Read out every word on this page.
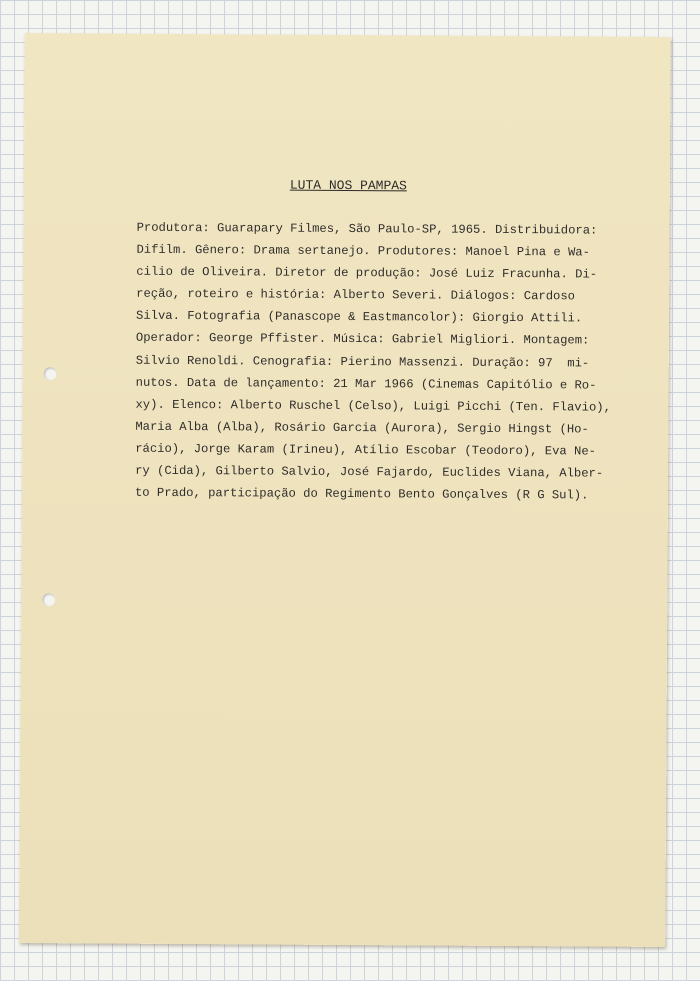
LUTA NOS PAMPAS
Produtora: Guarapary Filmes, São Paulo-SP, 1965. Distribuidora:
Difilm. Gênero: Drama sertanejo. Produtores: Manoel Pina e Wa-
cilio de Oliveira. Diretor de produção: José Luiz Fracunha. Di-
reção, roteiro e história: Alberto Severi. Diálogos: Cardoso
Silva. Fotografia (Panascope & Eastmancolor): Giorgio Attili.
Operador: George Pffister. Música: Gabriel Migliori. Montagem:
Silvio Renoldi. Cenografia: Pierino Massenzi. Duração: 97  mi-
nutos. Data de lançamento: 21 Mar 1966 (Cinemas Capitólio e Ro-
xy). Elenco: Alberto Ruschel (Celso), Luigi Picchi (Ten. Flavio),
Maria Alba (Alba), Rosário Garcia (Aurora), Sergio Hingst (Ho-
rácio), Jorge Karam (Irineu), Atílio Escobar (Teodoro), Eva Ne-
ry (Cida), Gilberto Salvio, José Fajardo, Euclides Viana, Alber-
to Prado, participação do Regimento Bento Gonçalves (R G Sul).
